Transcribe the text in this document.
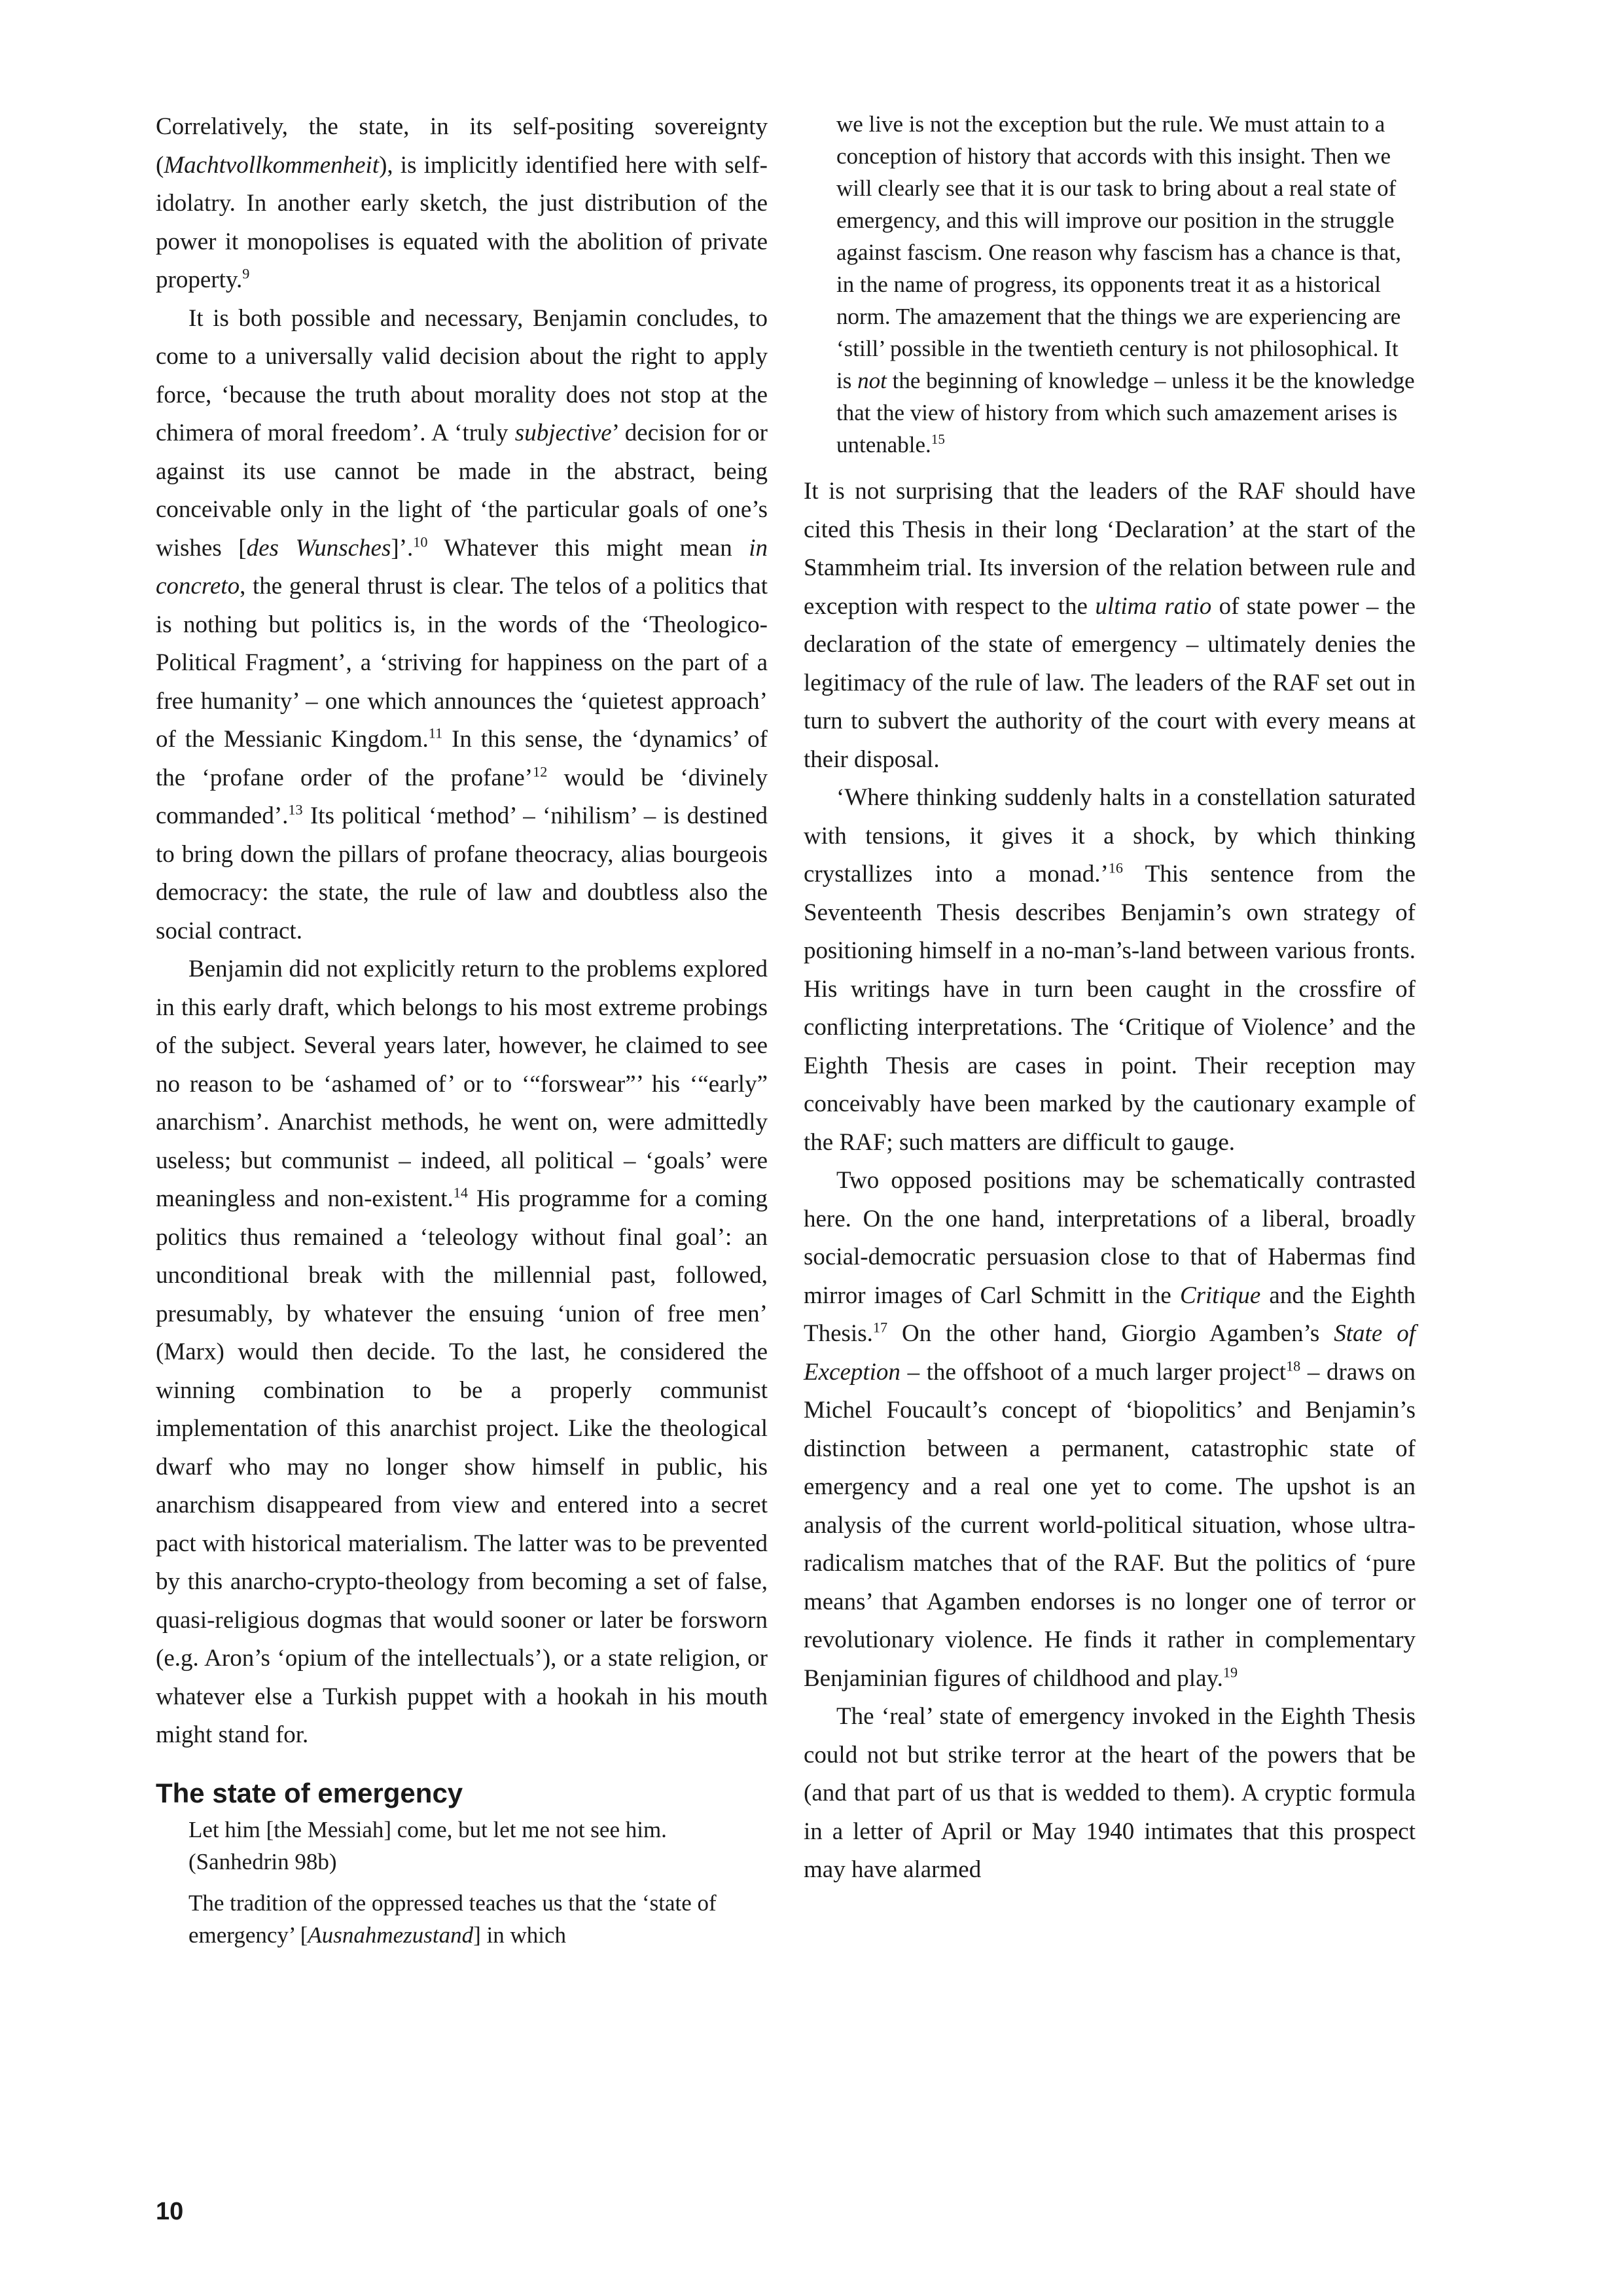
Correlatively, the state, in its self-positing sovereignty (Machtvollkommenheit), is implicitly identified here with self-idolatry. In another early sketch, the just distribution of the power it monopolises is equated with the abolition of private property.$^9$

It is both possible and necessary, Benjamin concludes, to come to a universally valid decision about the right to apply force, ‘because the truth about morality does not stop at the chimera of moral freedom’. A ‘truly subjective’ decision for or against its use cannot be made in the abstract, being conceivable only in the light of ‘the particular goals of one’s wishes [des Wunsches]’.$^{10}$ Whatever this might mean in concreto, the general thrust is clear. The telos of a politics that is nothing but politics is, in the words of the ‘Theologico-Political Fragment’, a ‘striving for happiness on the part of a free humanity’ – one which announces the ‘quietest approach’ of the Messianic Kingdom.$^{11}$ In this sense, the ‘dynamics’ of the ‘profane order of the profane’$^{12}$ would be ‘divinely commanded’.$^{13}$ Its political ‘method’ – ‘nihilism’ – is destined to bring down the pillars of profane theocracy, alias bourgeois democracy: the state, the rule of law and doubtless also the social contract.

Benjamin did not explicitly return to the problems explored in this early draft, which belongs to his most extreme probings of the subject. Several years later, however, he claimed to see no reason to be ‘ashamed of’ or to ‘“forswear”’ his ‘“early” anarchism’. Anarchist methods, he went on, were admittedly useless; but communist – indeed, all political – ‘goals’ were meaningless and non-existent.$^{14}$ His programme for a coming politics thus remained a ‘teleology without final goal’: an unconditional break with the millennial past, followed, presumably, by whatever the ensuing ‘union of free men’ (Marx) would then decide. To the last, he considered the winning combination to be a properly communist implementation of this anarchist project. Like the theological dwarf who may no longer show himself in public, his anarchism disappeared from view and entered into a secret pact with historical materialism. The latter was to be prevented by this anarcho-crypto-theology from becoming a set of false, quasi-religious dogmas that would sooner or later be forsworn (e.g. Aron’s ‘opium of the intellectuals’), or a state religion, or whatever else a Turkish puppet with a hookah in his mouth might stand for.

The state of emergency

Let him [the Messiah] come, but let me not see him. (Sanhedrin 98b)

The tradition of the oppressed teaches us that the ‘state of emergency’ [Ausnahmezustand] in which

we live is not the exception but the rule. We must attain to a conception of history that accords with this insight. Then we will clearly see that it is our task to bring about a real state of emergency, and this will improve our position in the struggle against fascism. One reason why fascism has a chance is that, in the name of progress, its opponents treat it as a historical norm. The amazement that the things we are experiencing are ‘still’ possible in the twentieth century is not philosophical. It is not the beginning of knowledge – unless it be the knowledge that the view of history from which such amazement arises is untenable.$^{15}$

It is not surprising that the leaders of the RAF should have cited this Thesis in their long ‘Declaration’ at the start of the Stammheim trial. Its inversion of the relation between rule and exception with respect to the ultima ratio of state power – the declaration of the state of emergency – ultimately denies the legitimacy of the rule of law. The leaders of the RAF set out in turn to subvert the authority of the court with every means at their disposal.

‘Where thinking suddenly halts in a constellation saturated with tensions, it gives it a shock, by which thinking crystallizes into a monad.’$^{16}$ This sentence from the Seventeenth Thesis describes Benjamin’s own strategy of positioning himself in a no-man’s-land between various fronts. His writings have in turn been caught in the crossfire of conflicting interpretations. The ‘Critique of Violence’ and the Eighth Thesis are cases in point. Their reception may conceivably have been marked by the cautionary example of the RAF; such matters are difficult to gauge.

Two opposed positions may be schematically contrasted here. On the one hand, interpretations of a liberal, broadly social-democratic persuasion close to that of Habermas find mirror images of Carl Schmitt in the Critique and the Eighth Thesis.$^{17}$ On the other hand, Giorgio Agamben’s State of Exception – the offshoot of a much larger project$^{18}$ – draws on Michel Foucault’s concept of ‘biopolitics’ and Benjamin’s distinction between a permanent, catastrophic state of emergency and a real one yet to come. The upshot is an analysis of the current world-political situation, whose ultra-radicalism matches that of the RAF. But the politics of ‘pure means’ that Agamben endorses is no longer one of terror or revolutionary violence. He finds it rather in complementary Benjaminian figures of childhood and play.$^{19}$

The ‘real’ state of emergency invoked in the Eighth Thesis could not but strike terror at the heart of the powers that be (and that part of us that is wedded to them). A cryptic formula in a letter of April or May 1940 intimates that this prospect may have alarmed

10
